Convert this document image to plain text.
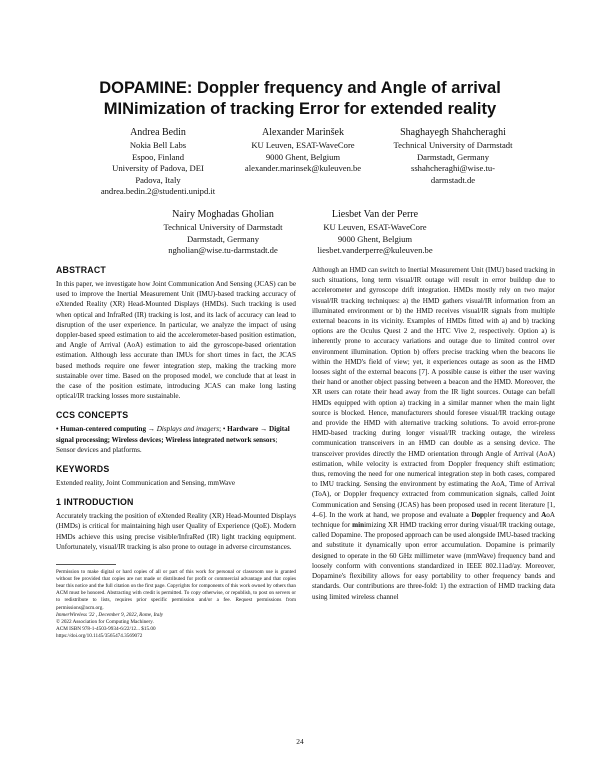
DOPAMINE: Doppler frequency and Angle of arrival
MINimization of tracking Error for extended reality
Andrea Bedin
Nokia Bell Labs
Espoo, Finland
University of Padova, DEI
Padova, Italy
andrea.bedin.2@studenti.unipd.it
Alexander Marinšek
KU Leuven, ESAT-WaveCore
9000 Ghent, Belgium
alexander.marinsek@kuleuven.be
Shaghayegh Shahcheraghi
Technical University of Darmstadt
Darmstadt, Germany
sshahcheraghi@wise.tu-
darmstadt.de
Nairy Moghadas Gholian
Technical University of Darmstadt
Darmstadt, Germany
ngholian@wise.tu-darmstadt.de
Liesbet Van der Perre
KU Leuven, ESAT-WaveCore
9000 Ghent, Belgium
liesbet.vanderperre@kuleuven.be
ABSTRACT

In this paper, we investigate how Joint Communication And Sensing (JCAS) can be used to improve the Inertial Measurement Unit (IMU)-based tracking accuracy of eXtended Reality (XR) Head-Mounted Displays (HMDs). Such tracking is used when optical and InfraRed (IR) tracking is lost, and its lack of accuracy can lead to disruption of the user experience. In particular, we analyze the impact of using doppler-based speed estimation to aid the accelerometer-based position estimation, and Angle of Arrival (AoA) estimation to aid the gyroscope-based orientation estimation. Although less accurate than IMUs for short times in fact, the JCAS based methods require one fewer integration step, making the tracking more sustainable over time. Based on the proposed model, we conclude that at least in the case of the position estimate, introducing JCAS can make long lasting optical/IR tracking losses more sustainable.

CCS CONCEPTS

• Human-centered computing → Displays and imagers; • Hardware → Digital signal processing; Wireless devices; Wireless integrated network sensors; Sensor devices and platforms.

KEYWORDS

Extended reality, Joint Communication and Sensing, mmWave

1 INTRODUCTION

Accurately tracking the position of eXtended Reality (XR) Head-Mounted Displays (HMDs) is critical for maintaining high user Quality of Experience (QoE). Modern HMDs achieve this using precise visible/InfraRed (IR) light tracking equipment. Unfortunately, visual/IR tracking is also prone to outage in adverse circumstances.

Permission to make digital or hard copies of all or part of this work for personal or classroom use is granted without fee provided that copies are not made or distributed for profit or commercial advantage and that copies bear this notice and the full citation on the first page. Copyrights for components of this work owned by others than ACM must be honored. Abstracting with credit is permitted. To copy otherwise, or republish, to post on servers or to redistribute to lists, requires prior specific permission and/or a fee. Request permissions from permissions@acm.org.
ImmerWireless '22 , December 9, 2022, Rome, Italy
© 2022 Association for Computing Machinery.
ACM ISBN 978-1-4503-9934-6/22/12... $15.00
https://doi.org/10.1145/3565474.3569072

Although an HMD can switch to Inertial Measurement Unit (IMU) based tracking in such situations, long term visual/IR outage will result in error buildup due to accelerometer and gyroscope drift integration. HMDs mostly rely on two major visual/IR tracking techniques: a) the HMD gathers visual/IR information from an illuminated environment or b) the HMD receives visual/IR signals from multiple external beacons in its vicinity. Examples of HMDs fitted with a) and b) tracking options are the Oculus Quest 2 and the HTC Vive 2, respectively. Option a) is inherently prone to accuracy variations and outage due to limited control over environment illumination. Option b) offers precise tracking when the beacons lie within the HMD's field of view; yet, it experiences outage as soon as the HMD looses sight of the external beacons [7]. A possible cause is either the user waving their hand or another object passing between a beacon and the HMD. Moreover, the XR users can rotate their head away from the IR light sources. Outage can befall HMDs equipped with option a) tracking in a similar manner when the main light source is blocked. Hence, manufacturers should foresee visual/IR tracking outage and provide the HMD with alternative tracking solutions. To avoid error-prone HMD-based tracking during longer visual/IR tracking outage, the wireless communication transceivers in an HMD can double as a sensing device. The transceiver provides directly the HMD orientation through Angle of Arrival (AoA) estimation, while velocity is extracted from Doppler frequency shift estimation; thus, removing the need for one numerical integration step in both cases, compared to IMU tracking. Sensing the environment by estimating the AoA, Time of Arrival (ToA), or Doppler frequency extracted from communication signals, called Joint Communication and Sensing (JCAS) has been proposed used in recent literature [1, 4–6]. In the work at hand, we propose and evaluate a Doppler frequency and AoA technique for minimizing XR HMD tracking error during visual/IR tracking outage, called Dopamine. The proposed approach can be used alongside IMU-based tracking and substitute it dynamically upon error accumulation. Dopamine is primarily designed to operate in the 60 GHz millimeter wave (mmWave) frequency band and loosely conform with conventions standardized in IEEE 802.11ad/ay. Moreover, Dopamine's flexibility allows for easy portability to other frequency bands and standards. Our contributions are three-fold: 1) the extraction of HMD tracking data using limited wireless channel

24
